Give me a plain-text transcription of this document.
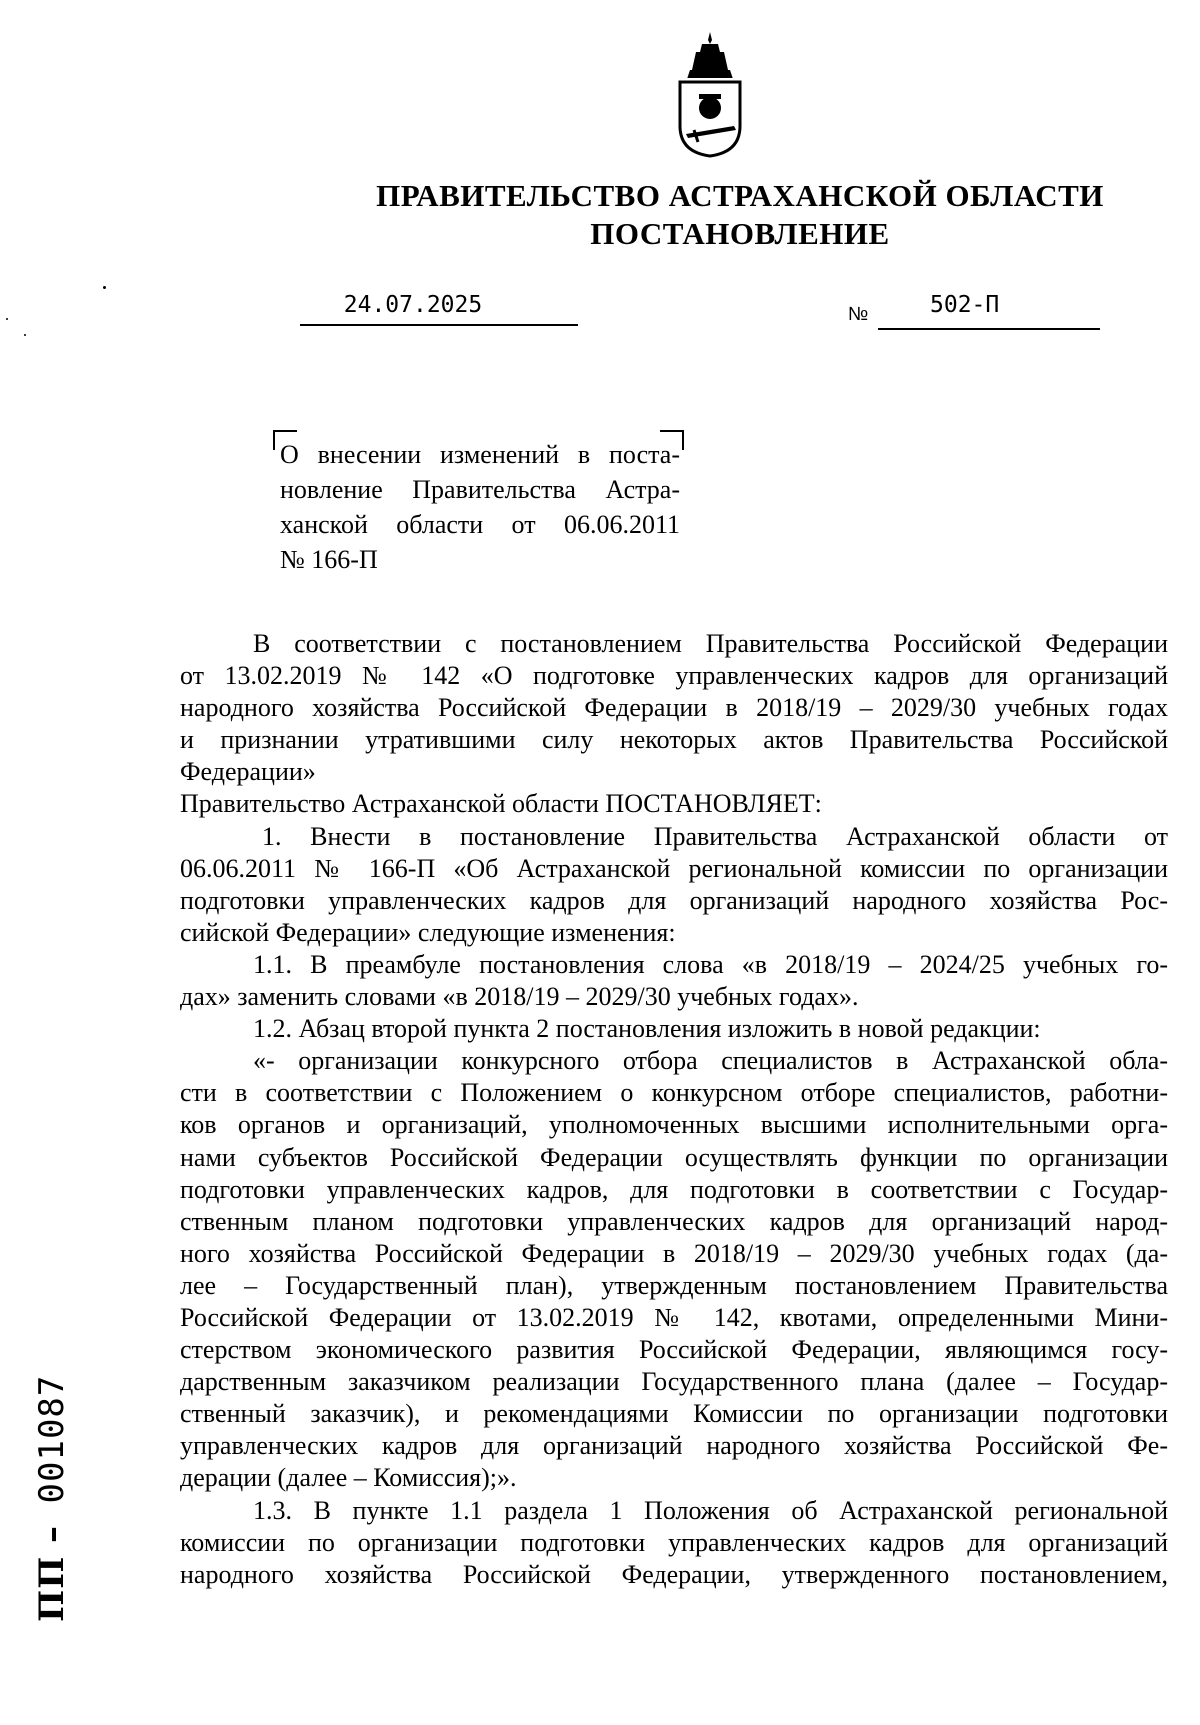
ПРАВИТЕЛЬСТВО АСТРАХАНСКОЙ ОБЛАСТИ
ПОСТАНОВЛЕНИЕ
24.07.2025	№	502-П
О внесении изменений в поста-
новление Правительства Астра-
ханской области от 06.06.2011
№ 166-П
В соответствии с постановлением Правительства Российской Федерации
от 13.02.2019 № 142 «О подготовке управленческих кадров для организаций
народного хозяйства Российской Федерации в 2018/19 – 2029/30 учебных годах
и признании утратившими силу некоторых актов Правительства Российской
Федерации»
Правительство Астраханской области ПОСТАНОВЛЯЕТ:
1. Внести в постановление Правительства Астраханской области от
06.06.2011 № 166-П «Об Астраханской региональной комиссии по организации
подготовки управленческих кадров для организаций народного хозяйства Рос-
сийской Федерации» следующие изменения:
1.1. В преамбуле постановления слова «в 2018/19 – 2024/25 учебных го-
дах» заменить словами «в 2018/19 – 2029/30 учебных годах».
1.2. Абзац второй пункта 2 постановления изложить в новой редакции:
«- организации конкурсного отбора специалистов в Астраханской обла-
сти в соответствии с Положением о конкурсном отборе специалистов, работни-
ков органов и организаций, уполномоченных высшими исполнительными орга-
нами субъектов Российской Федерации осуществлять функции по организации
подготовки управленческих кадров, для подготовки в соответствии с Государ-
ственным планом подготовки управленческих кадров для организаций народ-
ного хозяйства Российской Федерации в 2018/19 – 2029/30 учебных годах (да-
лее – Государственный план), утвержденным постановлением Правительства
Российской Федерации от 13.02.2019 № 142, квотами, определенными Мини-
стерством экономического развития Российской Федерации, являющимся госу-
дарственным заказчиком реализации Государственного плана (далее – Государ-
ственный заказчик), и рекомендациями Комиссии по организации подготовки
управленческих кадров для организаций народного хозяйства Российской Фе-
дерации (далее – Комиссия);».
1.3. В пункте 1.1 раздела 1 Положения об Астраханской региональной
комиссии по организации подготовки управленческих кадров для организаций
народного хозяйства Российской Федерации, утвержденного постановлением,
ПП – 001087
